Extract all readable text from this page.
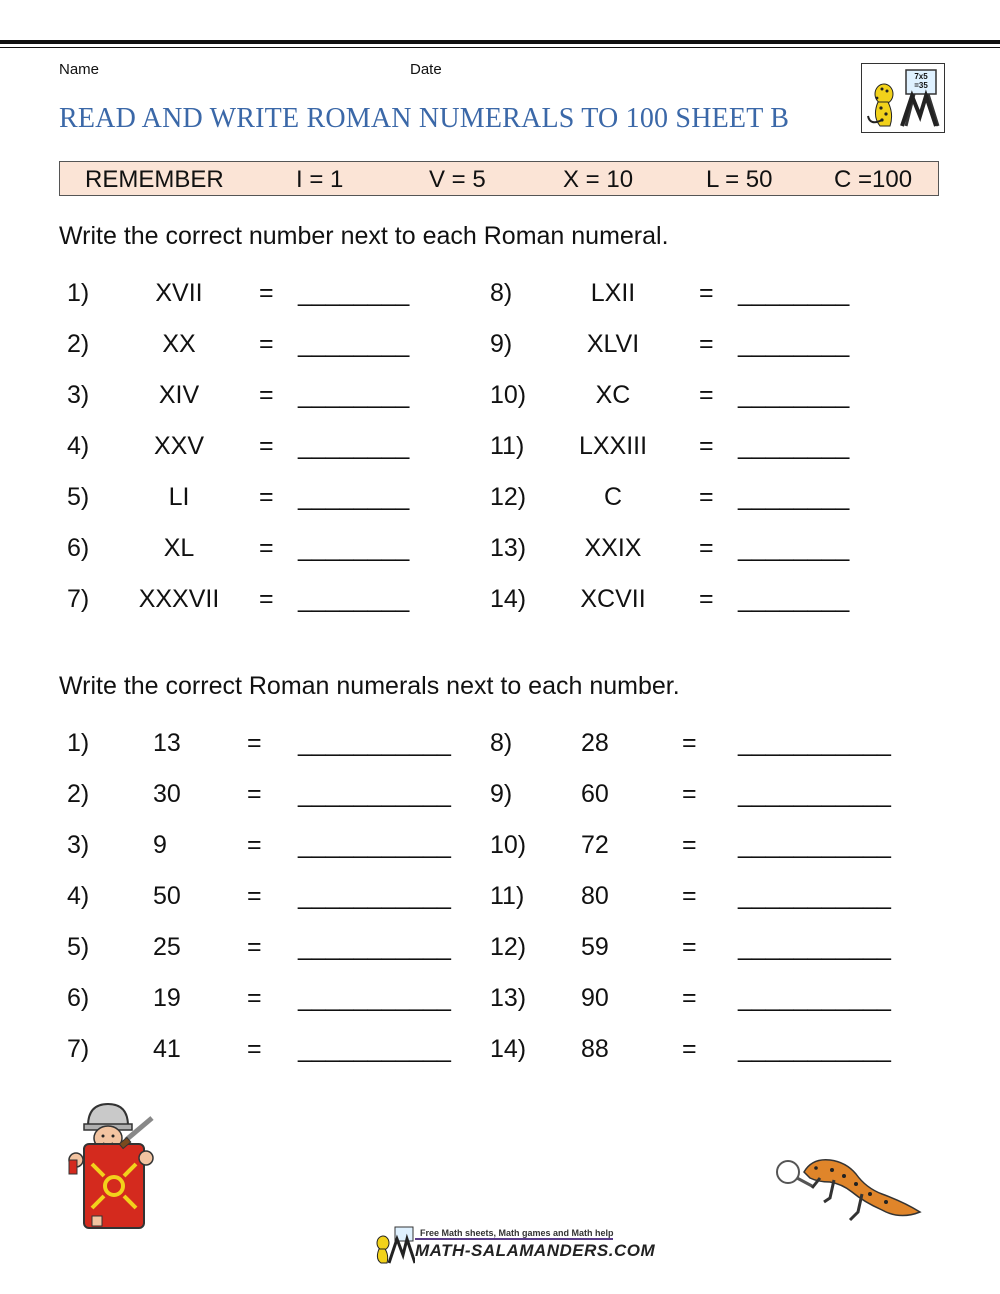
Name	Date
READ AND WRITE ROMAN NUMERALS TO 100 SHEET B
7x5 =35
REMEMBER	I = 1	V = 5	X = 10	L = 50	C =100
Write the correct number next to each Roman numeral.
1)	XVII	= ________
2)	XX	= ________
3)	XIV	= ________
4)	XXV	= ________
5)	LI	= ________
6)	XL	= ________
7)	XXXVII	= ________
8)	LXII	= ________
9)	XLVI	= ________
10)	XC	= ________
11)	LXXIII	= ________
12)	C	= ________
13)	XXIX	= ________
14)	XCVII	= ________
Write the correct Roman numerals next to each number.
1)	13	= ___________
2)	30	= ___________
3)	9	= ___________
4)	50	= ___________
5)	25	= ___________
6)	19	= ___________
7)	41	= ___________
8)	28	= ___________
9)	60	= ___________
10) 72	= ___________
11) 80	= ___________
12) 59	= ___________
13) 90	= ___________
14) 88	= ___________
Free Math sheets, Math games and Math help
MATH-SALAMANDERS.COM
